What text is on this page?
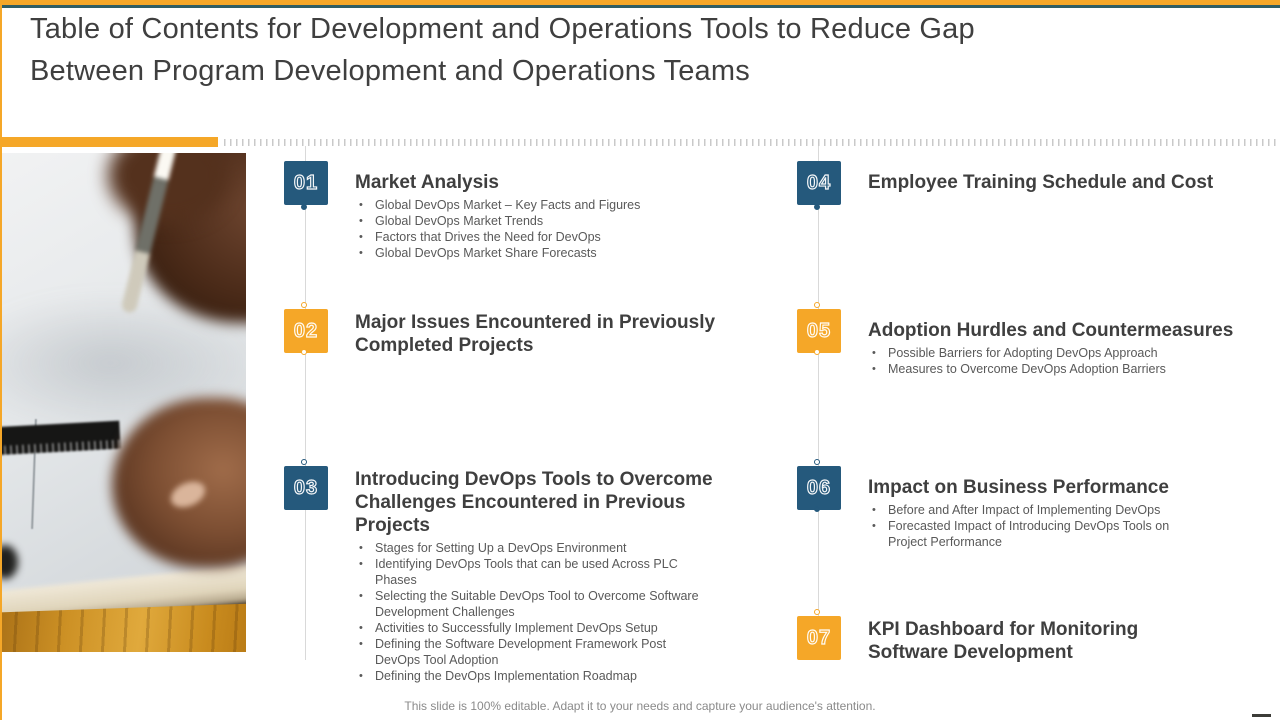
Table of Contents for Development and Operations Tools to Reduce Gap
Between Program Development and Operations Teams
01	Market Analysis
• Global DevOps Market – Key Facts and Figures
• Global DevOps Market Trends
• Factors that Drives the Need for DevOps
• Global DevOps Market Share Forecasts
02	Major Issues Encountered in Previously Completed Projects
03	Introducing DevOps Tools to Overcome Challenges Encountered in Previous Projects
• Stages for Setting Up a DevOps Environment
• Identifying DevOps Tools that can be used Across PLC Phases
• Selecting the Suitable DevOps Tool to Overcome Software Development Challenges
• Activities to Successfully Implement DevOps Setup
• Defining the Software Development Framework Post DevOps Tool Adoption
• Defining the DevOps Implementation Roadmap
04	Employee Training Schedule and Cost
05	Adoption Hurdles and Countermeasures
• Possible Barriers for Adopting DevOps Approach
• Measures to Overcome DevOps Adoption Barriers
06	Impact on Business Performance
• Before and After Impact of Implementing DevOps
• Forecasted Impact of Introducing DevOps Tools on Project Performance
07	KPI Dashboard for Monitoring Software Development
This slide is 100% editable. Adapt it to your needs and capture your audience's attention.
